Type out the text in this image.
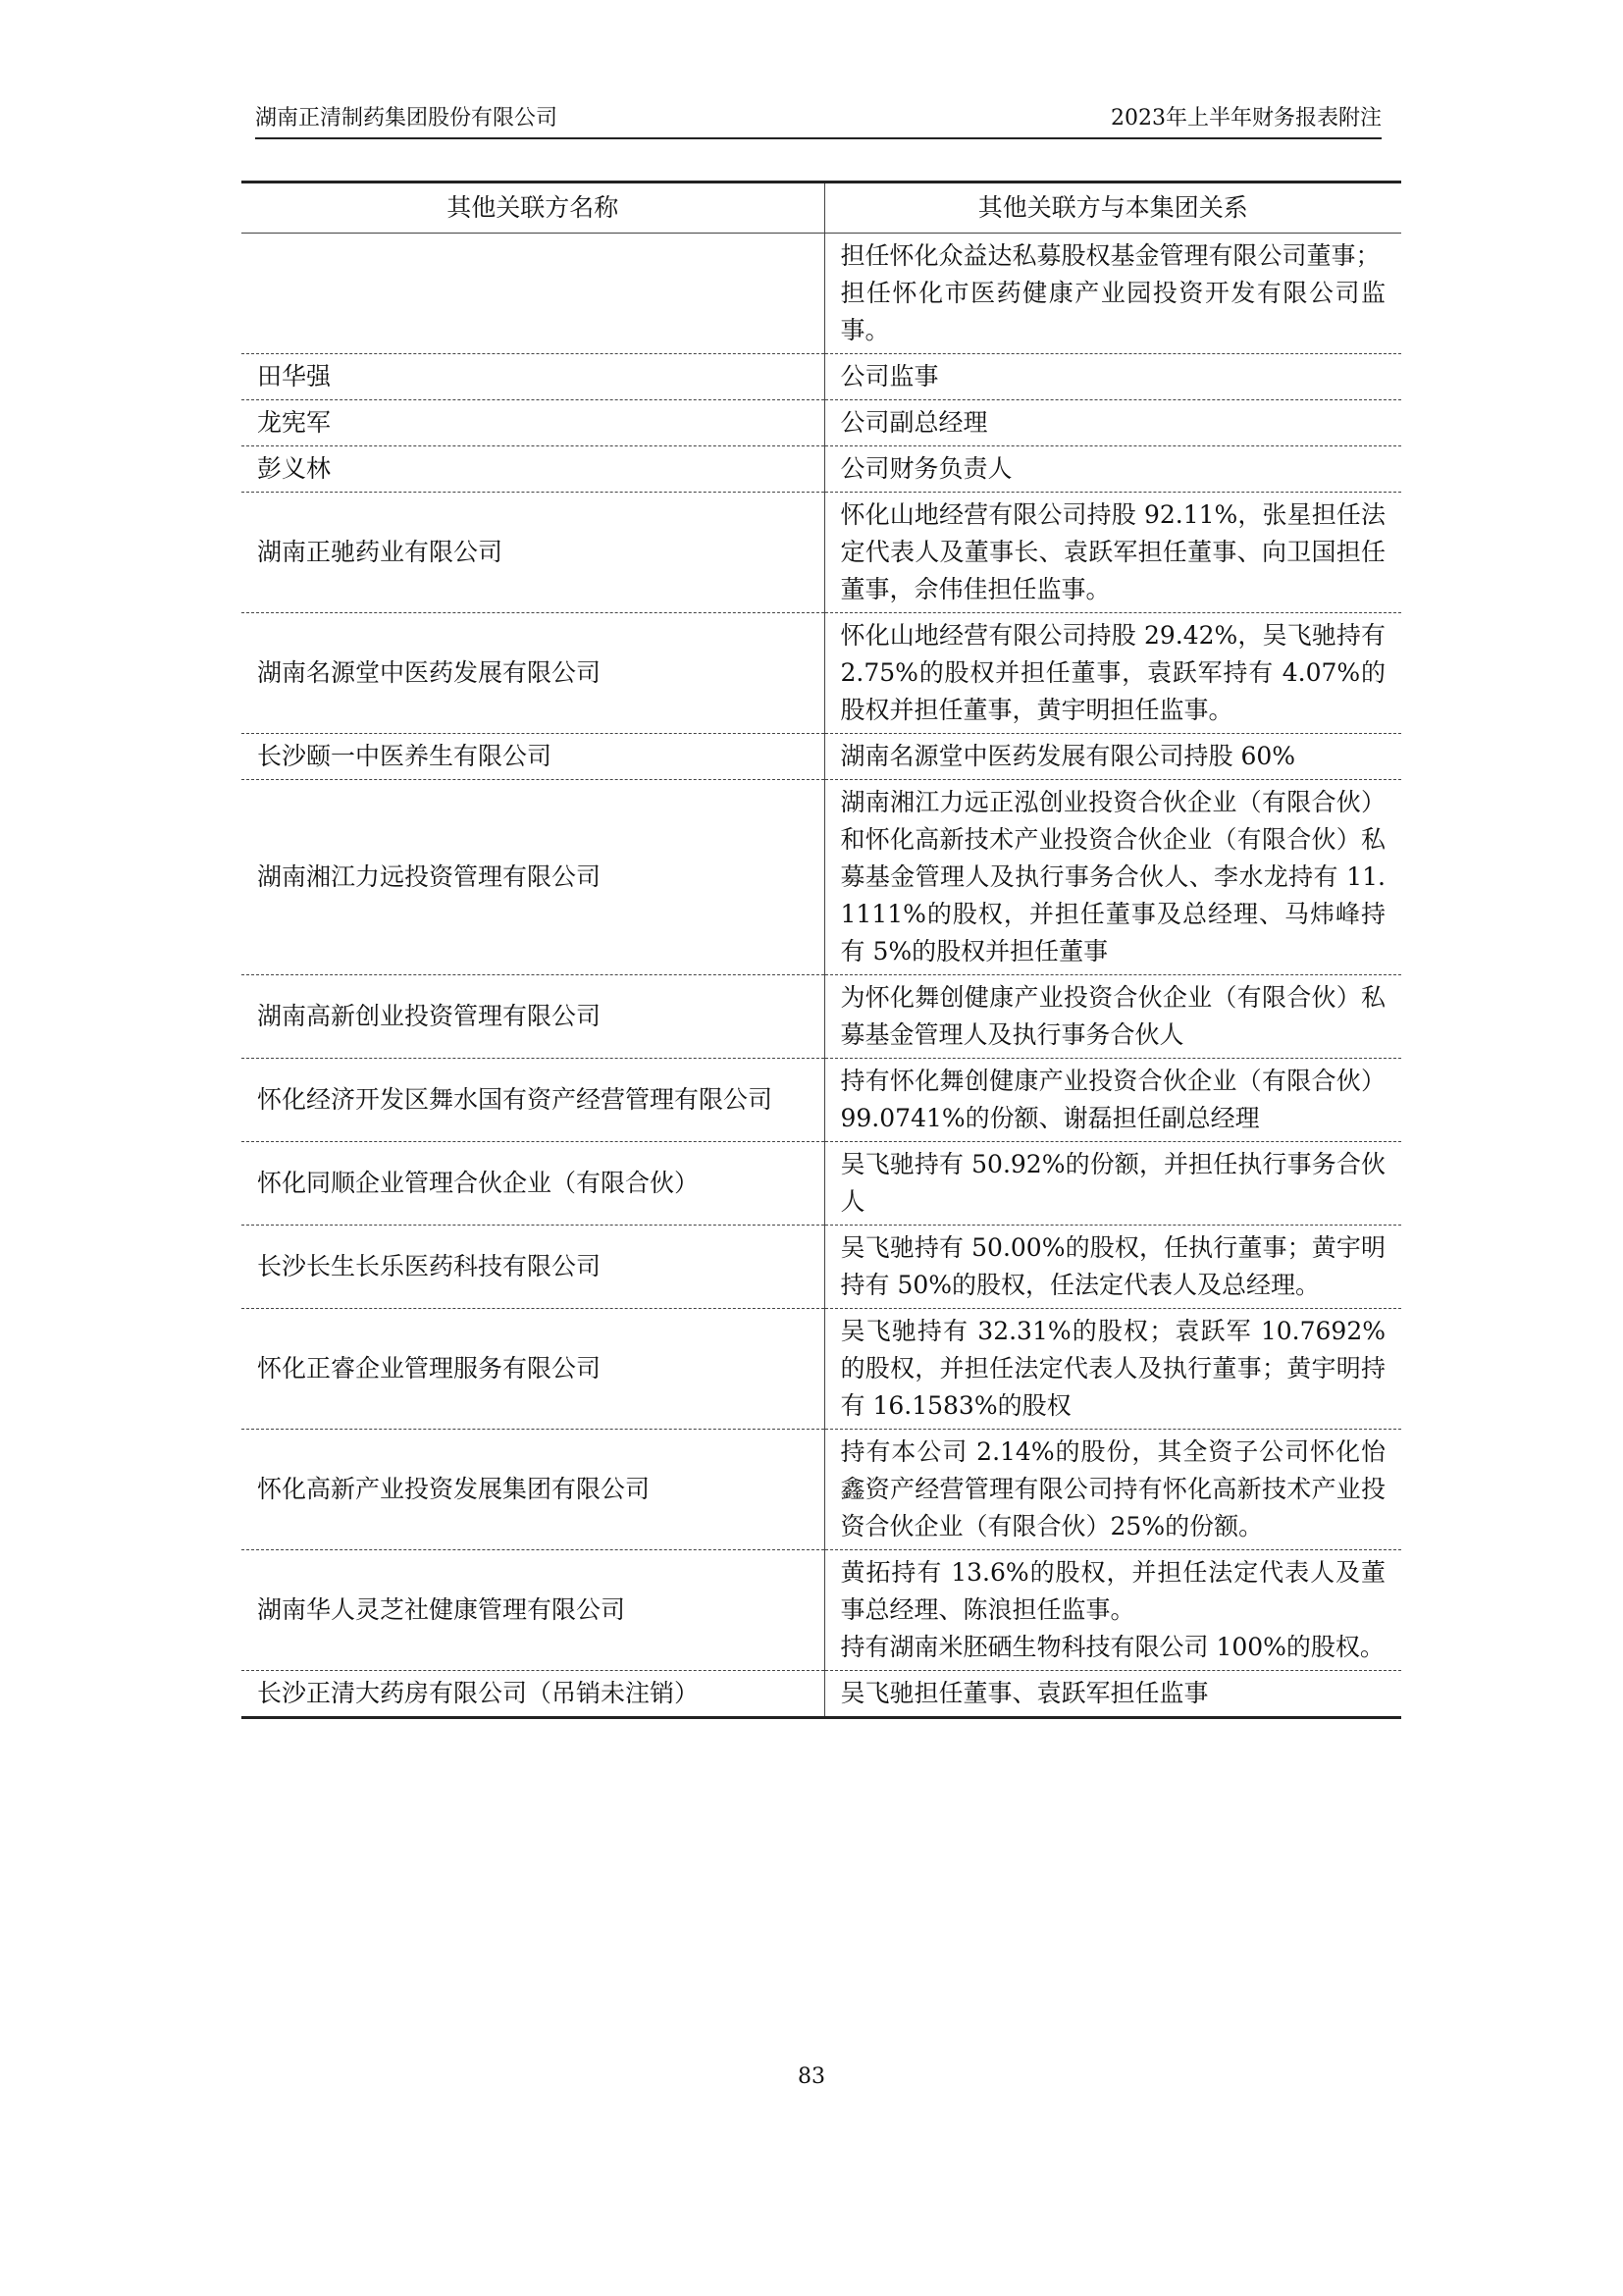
湖南正清制药集团股份有限公司	2023年上半年财务报表附注
其他关联方名称	其他关联方与本集团关系

	担任怀化众益达私募股权基金管理有限公司董事；
担任怀化市医药健康产业园投资开发有限公司监事。

田华强	公司监事

龙宪军	公司副总经理

彭义林	公司财务负责人

湖南正驰药业有限公司	怀化山地经营有限公司持股 92.11%，张星担任法定代表人及董事长、袁跃军担任董事、向卫国担任董事，佘伟佳担任监事。

湖南名源堂中医药发展有限公司	怀化山地经营有限公司持股 29.42%，吴飞驰持有 2.75%的股权并担任董事，袁跃军持有 4.07%的股权并担任董事，黄宇明担任监事。

长沙颐一中医养生有限公司	湖南名源堂中医药发展有限公司持股 60%

湖南湘江力远投资管理有限公司	湖南湘江力远正泓创业投资合伙企业（有限合伙）和怀化高新技术产业投资合伙企业（有限合伙）私募基金管理人及执行事务合伙人、李水龙持有 11.1111%的股权，并担任董事及总经理、马炜峰持有 5%的股权并担任董事

湖南高新创业投资管理有限公司	为怀化舞创健康产业投资合伙企业（有限合伙）私募基金管理人及执行事务合伙人

怀化经济开发区舞水国有资产经营管理有限公司	持有怀化舞创健康产业投资合伙企业（有限合伙）99.0741%的份额、谢磊担任副总经理

怀化同顺企业管理合伙企业（有限合伙）	吴飞驰持有 50.92%的份额，并担任执行事务合伙人

长沙长生长乐医药科技有限公司	吴飞驰持有 50.00%的股权，任执行董事；黄宇明持有 50%的股权，任法定代表人及总经理。

怀化正睿企业管理服务有限公司	吴飞驰持有 32.31%的股权；袁跃军 10.7692%的股权，并担任法定代表人及执行董事；黄宇明持有 16.1583%的股权

怀化高新产业投资发展集团有限公司	持有本公司 2.14%的股份，其全资子公司怀化怡鑫资产经营管理有限公司持有怀化高新技术产业投资合伙企业（有限合伙）25%的份额。

湖南华人灵芝社健康管理有限公司	黄拓持有 13.6%的股权，并担任法定代表人及董事总经理、陈浪担任监事。
持有湖南米胚硒生物科技有限公司 100%的股权。

长沙正清大药房有限公司（吊销未注销）	吴飞驰担任董事、袁跃军担任监事
83
